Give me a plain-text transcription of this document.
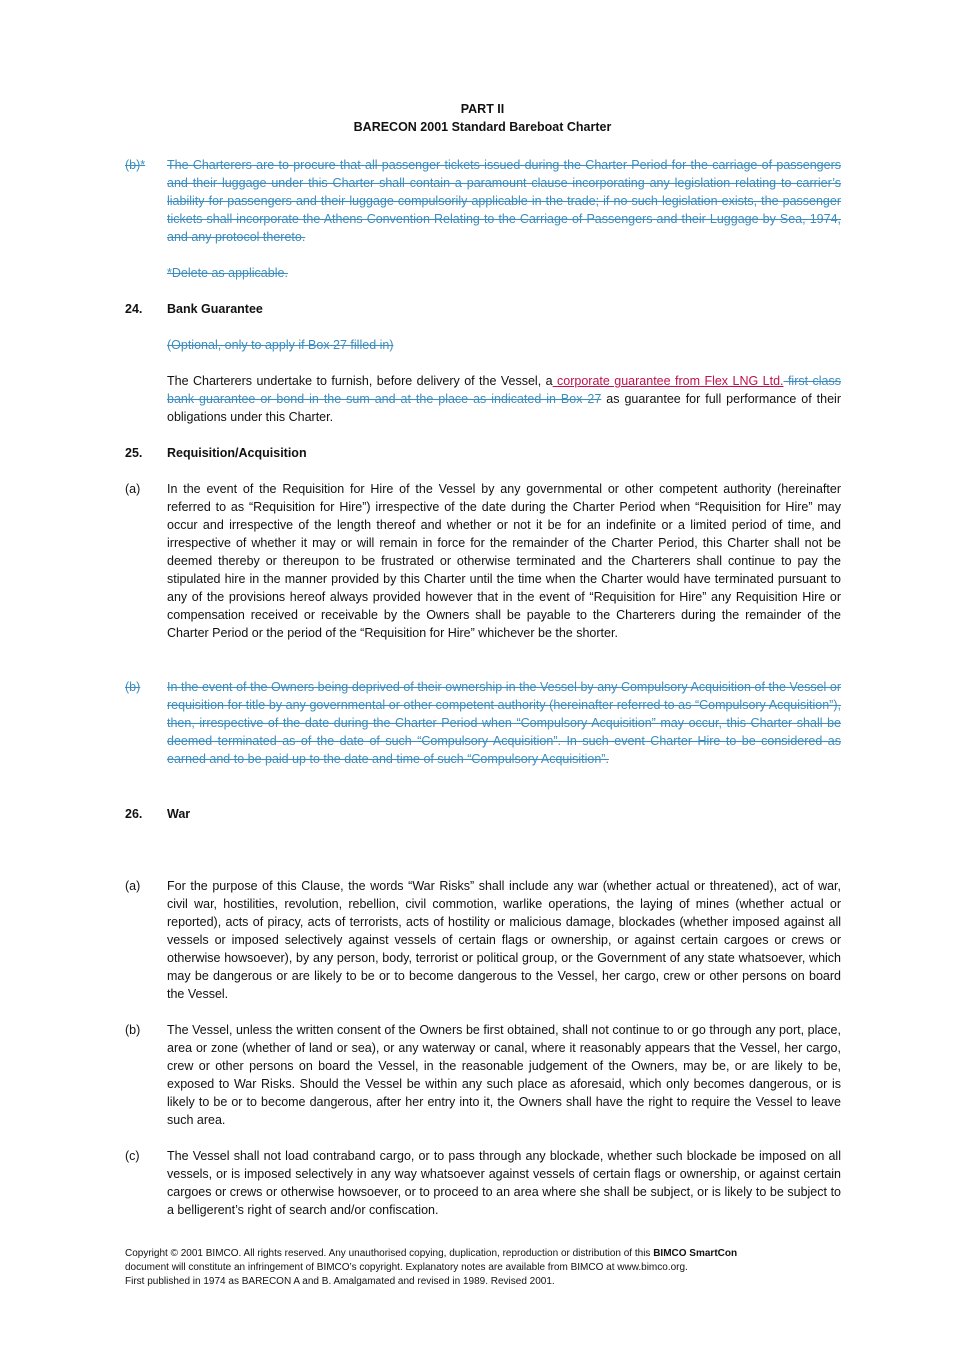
PART II
BARECON 2001 Standard Bareboat Charter
(b)*	The Charterers are to procure that all passenger tickets issued during the Charter Period for the carriage of passengers and their luggage under this Charter shall contain a paramount clause incorporating any legislation relating to carrier’s liability for passengers and their luggage compulsorily applicable in the trade; if no such legislation exists, the passenger tickets shall incorporate the Athens Convention Relating to the Carriage of Passengers and their Luggage by Sea, 1974, and any protocol thereto.
*Delete as applicable.
24.	Bank Guarantee
(Optional, only to apply if Box 27 filled in)
The Charterers undertake to furnish, before delivery of the Vessel, a corporate guarantee from Flex LNG Ltd. first class bank guarantee or bond in the sum and at the place as indicated in Box 27 as guarantee for full performance of their obligations under this Charter.
25.	Requisition/Acquisition
(a)	In the event of the Requisition for Hire of the Vessel by any governmental or other competent authority (hereinafter referred to as “Requisition for Hire”) irrespective of the date during the Charter Period when “Requisition for Hire” may occur and irrespective of the length thereof and whether or not it be for an indefinite or a limited period of time, and irrespective of whether it may or will remain in force for the remainder of the Charter Period, this Charter shall not be deemed thereby or thereupon to be frustrated or otherwise terminated and the Charterers shall continue to pay the stipulated hire in the manner provided by this Charter until the time when the Charter would have terminated pursuant to any of the provisions hereof always provided however that in the event of “Requisition for Hire” any Requisition Hire or compensation received or receivable by the Owners shall be payable to the Charterers during the remainder of the Charter Period or the period of the “Requisition for Hire” whichever be the shorter.
(b)	In the event of the Owners being deprived of their ownership in the Vessel by any Compulsory Acquisition of the Vessel or requisition for title by any governmental or other competent authority (hereinafter referred to as “Compulsory Acquisition”), then, irrespective of the date during the Charter Period when “Compulsory Acquisition” may occur, this Charter shall be deemed terminated as of the date of such “Compulsory Acquisition”. In such event Charter Hire to be considered as earned and to be paid up to the date and time of such “Compulsory Acquisition”.
26.	War
(a)	For the purpose of this Clause, the words “War Risks” shall include any war (whether actual or threatened), act of war, civil war, hostilities, revolution, rebellion, civil commotion, warlike operations, the laying of mines (whether actual or reported), acts of piracy, acts of terrorists, acts of hostility or malicious damage, blockades (whether imposed against all vessels or imposed selectively against vessels of certain flags or ownership, or against certain cargoes or crews or otherwise howsoever), by any person, body, terrorist or political group, or the Government of any state whatsoever, which may be dangerous or are likely to be or to become dangerous to the Vessel, her cargo, crew or other persons on board the Vessel.
(b)	The Vessel, unless the written consent of the Owners be first obtained, shall not continue to or go through any port, place, area or zone (whether of land or sea), or any waterway or canal, where it reasonably appears that the Vessel, her cargo, crew or other persons on board the Vessel, in the reasonable judgement of the Owners, may be, or are likely to be, exposed to War Risks. Should the Vessel be within any such place as aforesaid, which only becomes dangerous, or is likely to be or to become dangerous, after her entry into it, the Owners shall have the right to require the Vessel to leave such area.
(c)	The Vessel shall not load contraband cargo, or to pass through any blockade, whether such blockade be imposed on all vessels, or is imposed selectively in any way whatsoever against vessels of certain flags or ownership, or against certain cargoes or crews or otherwise howsoever, or to proceed to an area where she shall be subject, or is likely to be subject to a belligerent’s right of search and/or confiscation.
Copyright © 2001 BIMCO. All rights reserved. Any unauthorised copying, duplication, reproduction or distribution of this BIMCO SmartCon
document will constitute an infringement of BIMCO’s copyright. Explanatory notes are available from BIMCO at www.bimco.org.
First published in 1974 as BARECON A and B. Amalgamated and revised in 1989. Revised 2001.
